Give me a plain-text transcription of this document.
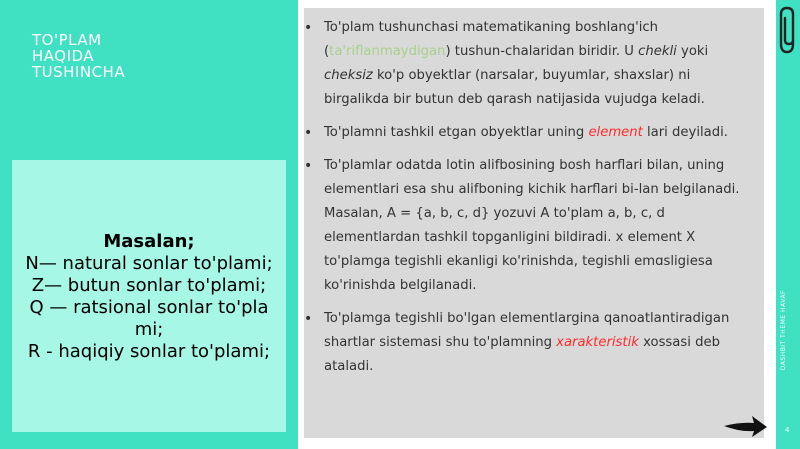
TO'PLAM
HAQIDA
TUSHINCHA
Masalan;
N— natural sonlar to'plami;
Z— butun sonlar to'plami;
Q — ratsional sonlar to'pla
mi;
R - haqiqiy sonlar to'plami;
• To'plam tushunchasi matematikaning boshlang'ich (ta'riflanmaydigan) tushun-chalaridan biridir. U chekli yoki cheksiz ko'p obyektlar (narsalar, buyumlar, shaxslar) ni birgalikda bir butun deb qarash natijasida vujudga keladi.
• To'plamni tashkil etgan obyektlar uning element lari deyiladi.
• To'plamlar odatda lotin alifbosining bosh harflari bilan, uning elementlari esa shu alifboning kichik harflari bi-lan belgilanadi. Masalan, A = {a, b, c, d} yozuvi A to'plam a, b, c, d elementlardan tashkil topganligini bildiradi. x element X to'plamga tegishli ekanligi ko'rinishda, tegishli emɑsligiesa ko'rinishda belgilanadi.
• To'plamga tegishli bo'lgan elementlargina qanoatlantiradigan shartlar sistemasi shu to'plamning xarakteristik xossasi deb ataladi.	DASHBIT THEME HAVAF
4
